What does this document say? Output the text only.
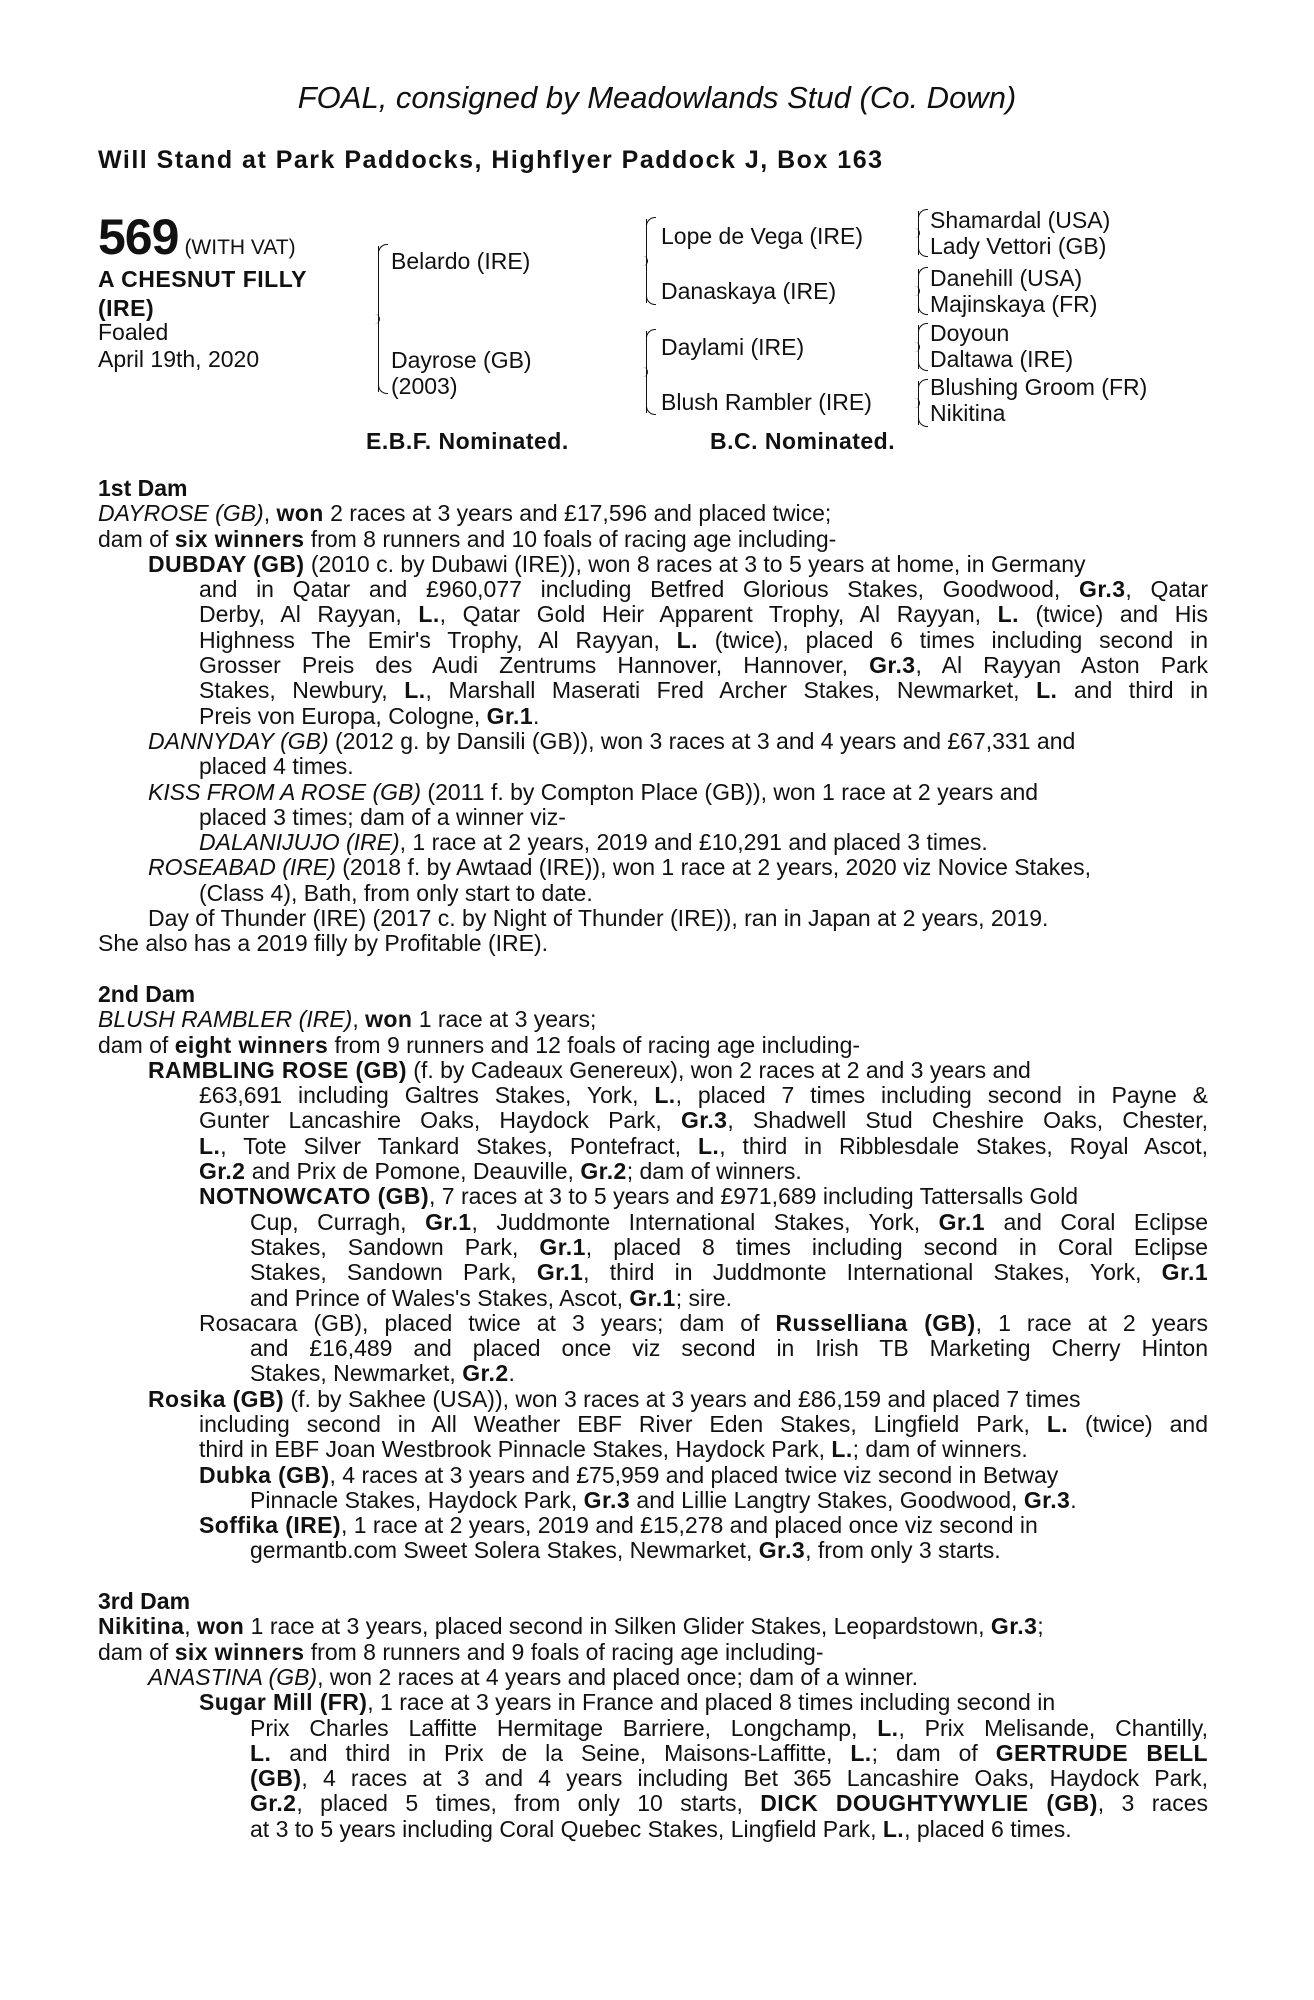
FOAL, consigned by Meadowlands Stud (Co. Down)
Will Stand at Park Paddocks, Highflyer Paddock J, Box 163
569 (WITH VAT)
A CHESNUT FILLY
(IRE)
Foaled
April 19th, 2020
Belardo (IRE)
Dayrose (GB)
(2003)
Lope de Vega (IRE)
Danaskaya (IRE)
Daylami (IRE)
Blush Rambler (IRE)
Shamardal (USA)
Lady Vettori (GB)
Danehill (USA)
Majinskaya (FR)
Doyoun
Daltawa (IRE)
Blushing Groom (FR)
Nikitina
E.B.F. Nominated.	B.C. Nominated.
1st Dam
DAYROSE (GB), won 2 races at 3 years and £17,596 and placed twice;
dam of six winners from 8 runners and 10 foals of racing age including-
DUBDAY (GB) (2010 c. by Dubawi (IRE)), won 8 races at 3 to 5 years at home, in Germany
and in Qatar and £960,077 including Betfred Glorious Stakes, Goodwood, Gr.3, Qatar
Derby, Al Rayyan, L., Qatar Gold Heir Apparent Trophy, Al Rayyan, L. (twice) and His
Highness The Emir's Trophy, Al Rayyan, L. (twice), placed 6 times including second in
Grosser Preis des Audi Zentrums Hannover, Hannover, Gr.3, Al Rayyan Aston Park
Stakes, Newbury, L., Marshall Maserati Fred Archer Stakes, Newmarket, L. and third in
Preis von Europa, Cologne, Gr.1.
DANNYDAY (GB) (2012 g. by Dansili (GB)), won 3 races at 3 and 4 years and £67,331 and
placed 4 times.
KISS FROM A ROSE (GB) (2011 f. by Compton Place (GB)), won 1 race at 2 years and
placed 3 times; dam of a winner viz-
DALANIJUJO (IRE), 1 race at 2 years, 2019 and £10,291 and placed 3 times.
ROSEABAD (IRE) (2018 f. by Awtaad (IRE)), won 1 race at 2 years, 2020 viz Novice Stakes,
(Class 4), Bath, from only start to date.
Day of Thunder (IRE) (2017 c. by Night of Thunder (IRE)), ran in Japan at 2 years, 2019.
She also has a 2019 filly by Profitable (IRE).
2nd Dam
BLUSH RAMBLER (IRE), won 1 race at 3 years;
dam of eight winners from 9 runners and 12 foals of racing age including-
RAMBLING ROSE (GB) (f. by Cadeaux Genereux), won 2 races at 2 and 3 years and
£63,691 including Galtres Stakes, York, L., placed 7 times including second in Payne &
Gunter Lancashire Oaks, Haydock Park, Gr.3, Shadwell Stud Cheshire Oaks, Chester,
L., Tote Silver Tankard Stakes, Pontefract, L., third in Ribblesdale Stakes, Royal Ascot,
Gr.2 and Prix de Pomone, Deauville, Gr.2; dam of winners.
NOTNOWCATO (GB), 7 races at 3 to 5 years and £971,689 including Tattersalls Gold
Cup, Curragh, Gr.1, Juddmonte International Stakes, York, Gr.1 and Coral Eclipse
Stakes, Sandown Park, Gr.1, placed 8 times including second in Coral Eclipse
Stakes, Sandown Park, Gr.1, third in Juddmonte International Stakes, York, Gr.1
and Prince of Wales's Stakes, Ascot, Gr.1; sire.
Rosacara (GB), placed twice at 3 years; dam of Russelliana (GB), 1 race at 2 years
and £16,489 and placed once viz second in Irish TB Marketing Cherry Hinton
Stakes, Newmarket, Gr.2.
Rosika (GB) (f. by Sakhee (USA)), won 3 races at 3 years and £86,159 and placed 7 times
including second in All Weather EBF River Eden Stakes, Lingfield Park, L. (twice) and
third in EBF Joan Westbrook Pinnacle Stakes, Haydock Park, L.; dam of winners.
Dubka (GB), 4 races at 3 years and £75,959 and placed twice viz second in Betway
Pinnacle Stakes, Haydock Park, Gr.3 and Lillie Langtry Stakes, Goodwood, Gr.3.
Soffika (IRE), 1 race at 2 years, 2019 and £15,278 and placed once viz second in
germantb.com Sweet Solera Stakes, Newmarket, Gr.3, from only 3 starts.
3rd Dam
Nikitina, won 1 race at 3 years, placed second in Silken Glider Stakes, Leopardstown, Gr.3;
dam of six winners from 8 runners and 9 foals of racing age including-
ANASTINA (GB), won 2 races at 4 years and placed once; dam of a winner.
Sugar Mill (FR), 1 race at 3 years in France and placed 8 times including second in
Prix Charles Laffitte Hermitage Barriere, Longchamp, L., Prix Melisande, Chantilly,
L. and third in Prix de la Seine, Maisons-Laffitte, L.; dam of GERTRUDE BELL
(GB), 4 races at 3 and 4 years including Bet 365 Lancashire Oaks, Haydock Park,
Gr.2, placed 5 times, from only 10 starts, DICK DOUGHTYWYLIE (GB), 3 races
at 3 to 5 years including Coral Quebec Stakes, Lingfield Park, L., placed 6 times.
